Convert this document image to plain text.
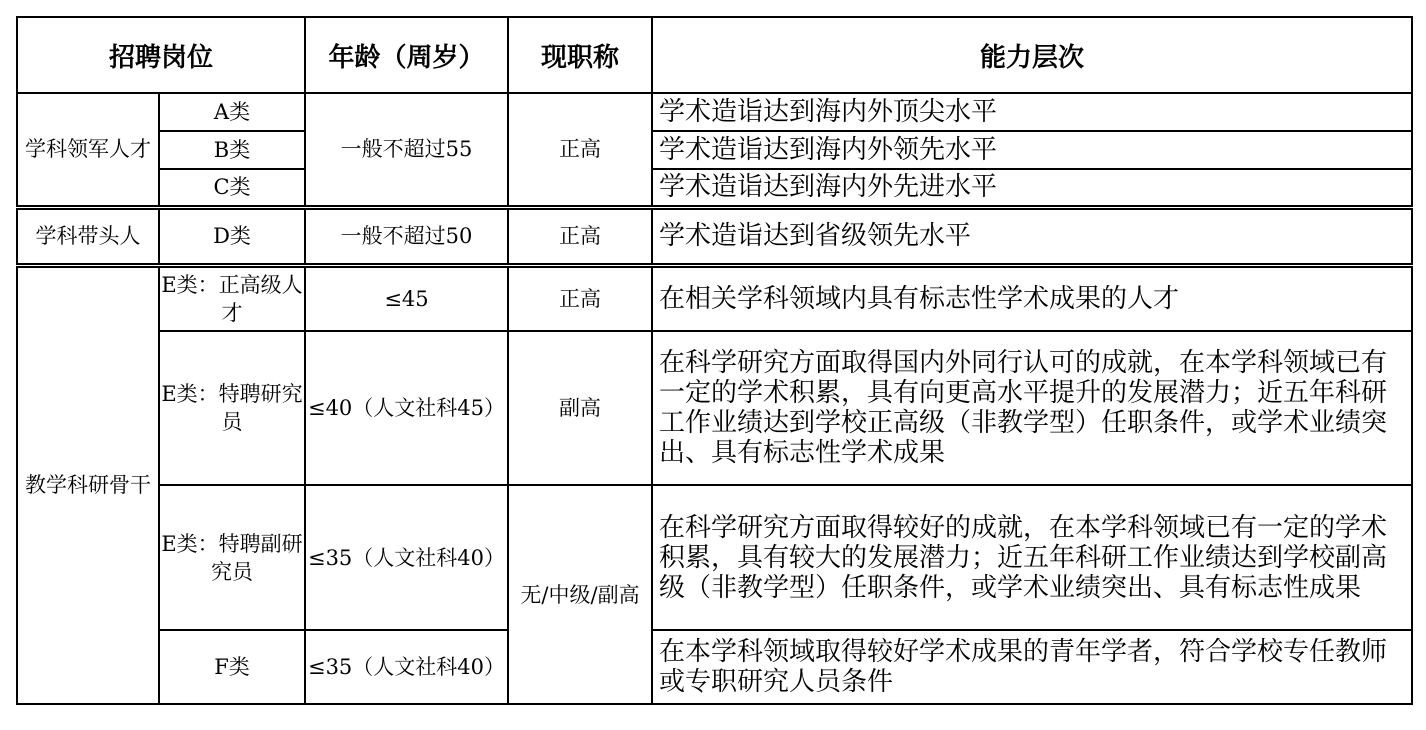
招聘岗位		年龄（周岁）	现职称	能力层次
学科领军人才	A类	一般不超过55	正高	学术造诣达到海内外顶尖水平
	B类			学术造诣达到海内外领先水平
	C类			学术造诣达到海内外先进水平
学科带头人	D类	一般不超过50	正高	学术造诣达到省级领先水平
教学科研骨干	E类：正高级人才	≤45	正高	在相关学科领域内具有标志性学术成果的人才
	E类：特聘研究员	≤40（人文社科45）	副高	在科学研究方面取得国内外同行认可的成就，在本学科领域已有一定的学术积累，具有向更高水平提升的发展潜力；近五年科研工作业绩达到学校正高级（非教学型）任职条件，或学术业绩突出、具有标志性学术成果
	E类：特聘副研究员	≤35（人文社科40）	无/中级/副高	在科学研究方面取得较好的成就，在本学科领域已有一定的学术积累，具有较大的发展潜力；近五年科研工作业绩达到学校副高级（非教学型）任职条件，或学术业绩突出、具有标志性成果
	F类	≤35（人文社科40）		在本学科领域取得较好学术成果的青年学者，符合学校专任教师或专职研究人员条件
